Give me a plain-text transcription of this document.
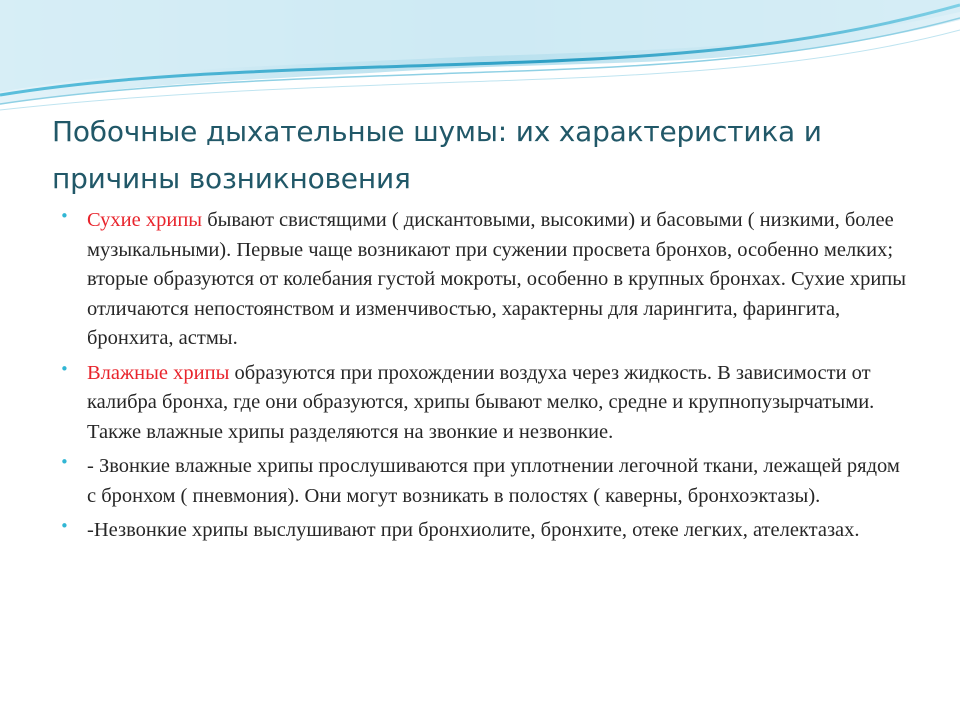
Побочные дыхательные шумы: их характеристика и причины возникновения
• Сухие хрипы бывают свистящими ( дискантовыми, высокими) и басовыми ( низкими, более музыкальными). Первые чаще возникают при сужении просвета бронхов, особенно мелких; вторые образуются от колебания густой мокроты, особенно в крупных бронхах. Сухие хрипы отличаются непостоянством и изменчивостью, характерны для ларингита, фарингита, бронхита, астмы.
• Влажные хрипы образуются при прохождении воздуха через жидкость. В зависимости от калибра бронха, где они образуются, хрипы бывают мелко, средне и крупнопузырчатыми. Также влажные хрипы разделяются на звонкие и незвонкие.
• - Звонкие влажные хрипы прослушиваются при уплотнении легочной ткани, лежащей рядом с бронхом ( пневмония). Они могут возникать в полостях ( каверны, бронхоэктазы).
• -Незвонкие хрипы выслушивают при бронхиолите, бронхите, отеке легких, ателектазах.
